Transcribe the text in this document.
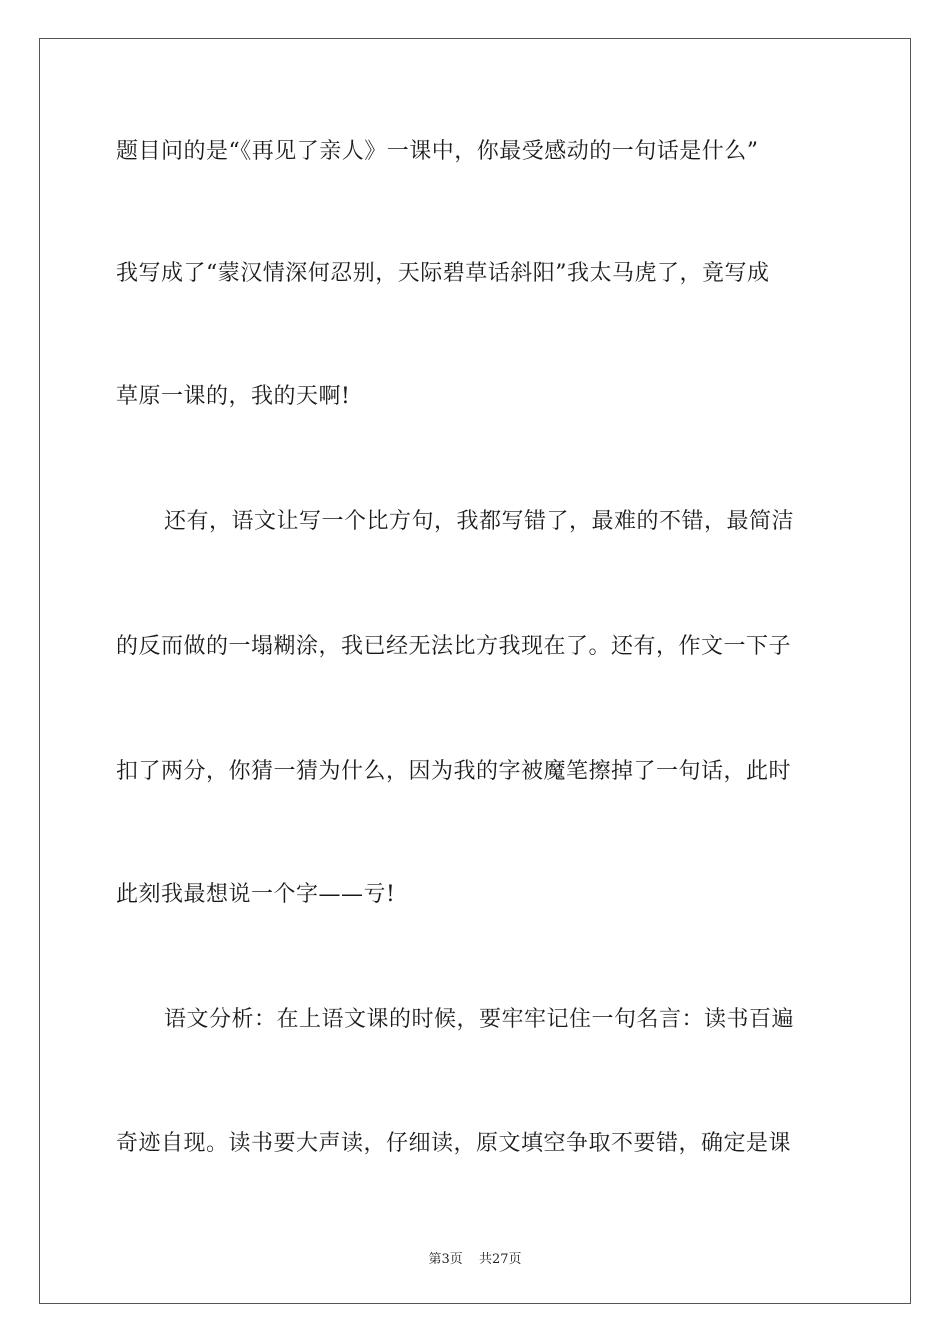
题目问的是“《再见了亲人》一课中，你最受感动的一句话是什么”
我写成了“蒙汉情深何忍别，天际碧草话斜阳”我太马虎了，竟写成
草原一课的，我的天啊!
还有，语文让写一个比方句，我都写错了，最难的不错，最简洁
的反而做的一塌糊涂，我已经无法比方我现在了。还有，作文一下子
扣了两分，你猜一猜为什么，因为我的字被魔笔擦掉了一句话，此时
此刻我最想说一个字——亏!
语文分析：在上语文课的时候，要牢牢记住一句名言：读书百遍
奇迹自现。读书要大声读，仔细读，原文填空争取不要错，确定是课
第3页 共27页
